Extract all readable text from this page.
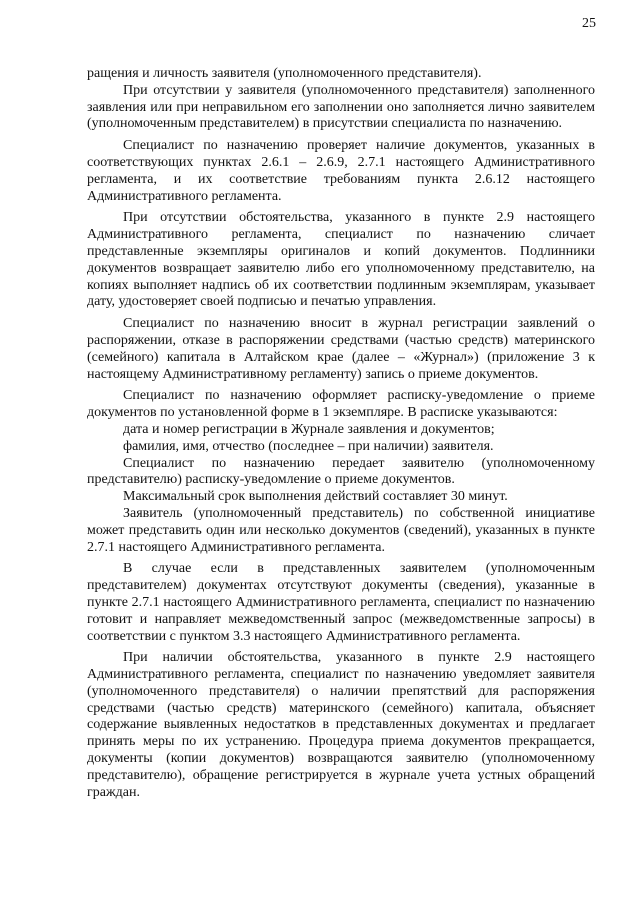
25

ращения и личность заявителя (уполномоченного представителя).

При отсутствии у заявителя (уполномоченного представителя) заполненного заявления или при неправильном его заполнении оно заполняется лично заявителем (уполномоченным представителем) в присутствии специалиста по назначению.

Специалист по назначению проверяет наличие документов, указанных в соответствующих пунктах 2.6.1 – 2.6.9, 2.7.1 настоящего Административного регламента, и их соответствие требованиям пункта 2.6.12 настоящего Административного регламента.

При отсутствии обстоятельства, указанного в пункте 2.9 настоящего Административного регламента, специалист по назначению сличает представленные экземпляры оригиналов и копий документов. Подлинники документов возвращает заявителю либо его уполномоченному представителю, на копиях выполняет надпись об их соответствии подлинным экземплярам, указывает дату, удостоверяет своей подписью и печатью управления.

Специалист по назначению вносит в журнал регистрации заявлений о распоряжении, отказе в распоряжении средствами (частью средств) материнского (семейного) капитала в Алтайском крае (далее – «Журнал») (приложение 3 к настоящему Административному регламенту) запись о приеме документов.

Специалист по назначению оформляет расписку-уведомление о приеме документов по установленной форме в 1 экземпляре. В расписке указываются:

дата и номер регистрации в Журнале заявления и документов;

фамилия, имя, отчество (последнее – при наличии) заявителя.

Специалист по назначению передает заявителю (уполномоченному представителю) расписку-уведомление о приеме документов.

Максимальный срок выполнения действий составляет 30 минут.

Заявитель (уполномоченный представитель) по собственной инициативе может представить один или несколько документов (сведений), указанных в пункте 2.7.1 настоящего Административного регламента.

В случае если в представленных заявителем (уполномоченным представителем) документах отсутствуют документы (сведения), указанные в пункте 2.7.1 настоящего Административного регламента, специалист по назначению готовит и направляет межведомственный запрос (межведомственные запросы) в соответствии с пунктом 3.3 настоящего Административного регламента.

При наличии обстоятельства, указанного в пункте 2.9 настоящего Административного регламента, специалист по назначению уведомляет заявителя (уполномоченного представителя) о наличии препятствий для распоряжения средствами (частью средств) материнского (семейного) капитала, объясняет содержание выявленных недостатков в представленных документах и предлагает принять меры по их устранению. Процедура приема документов прекращается, документы (копии документов) возвращаются заявителю (уполномоченному представителю), обращение регистрируется в журнале учета устных обращений граждан.
